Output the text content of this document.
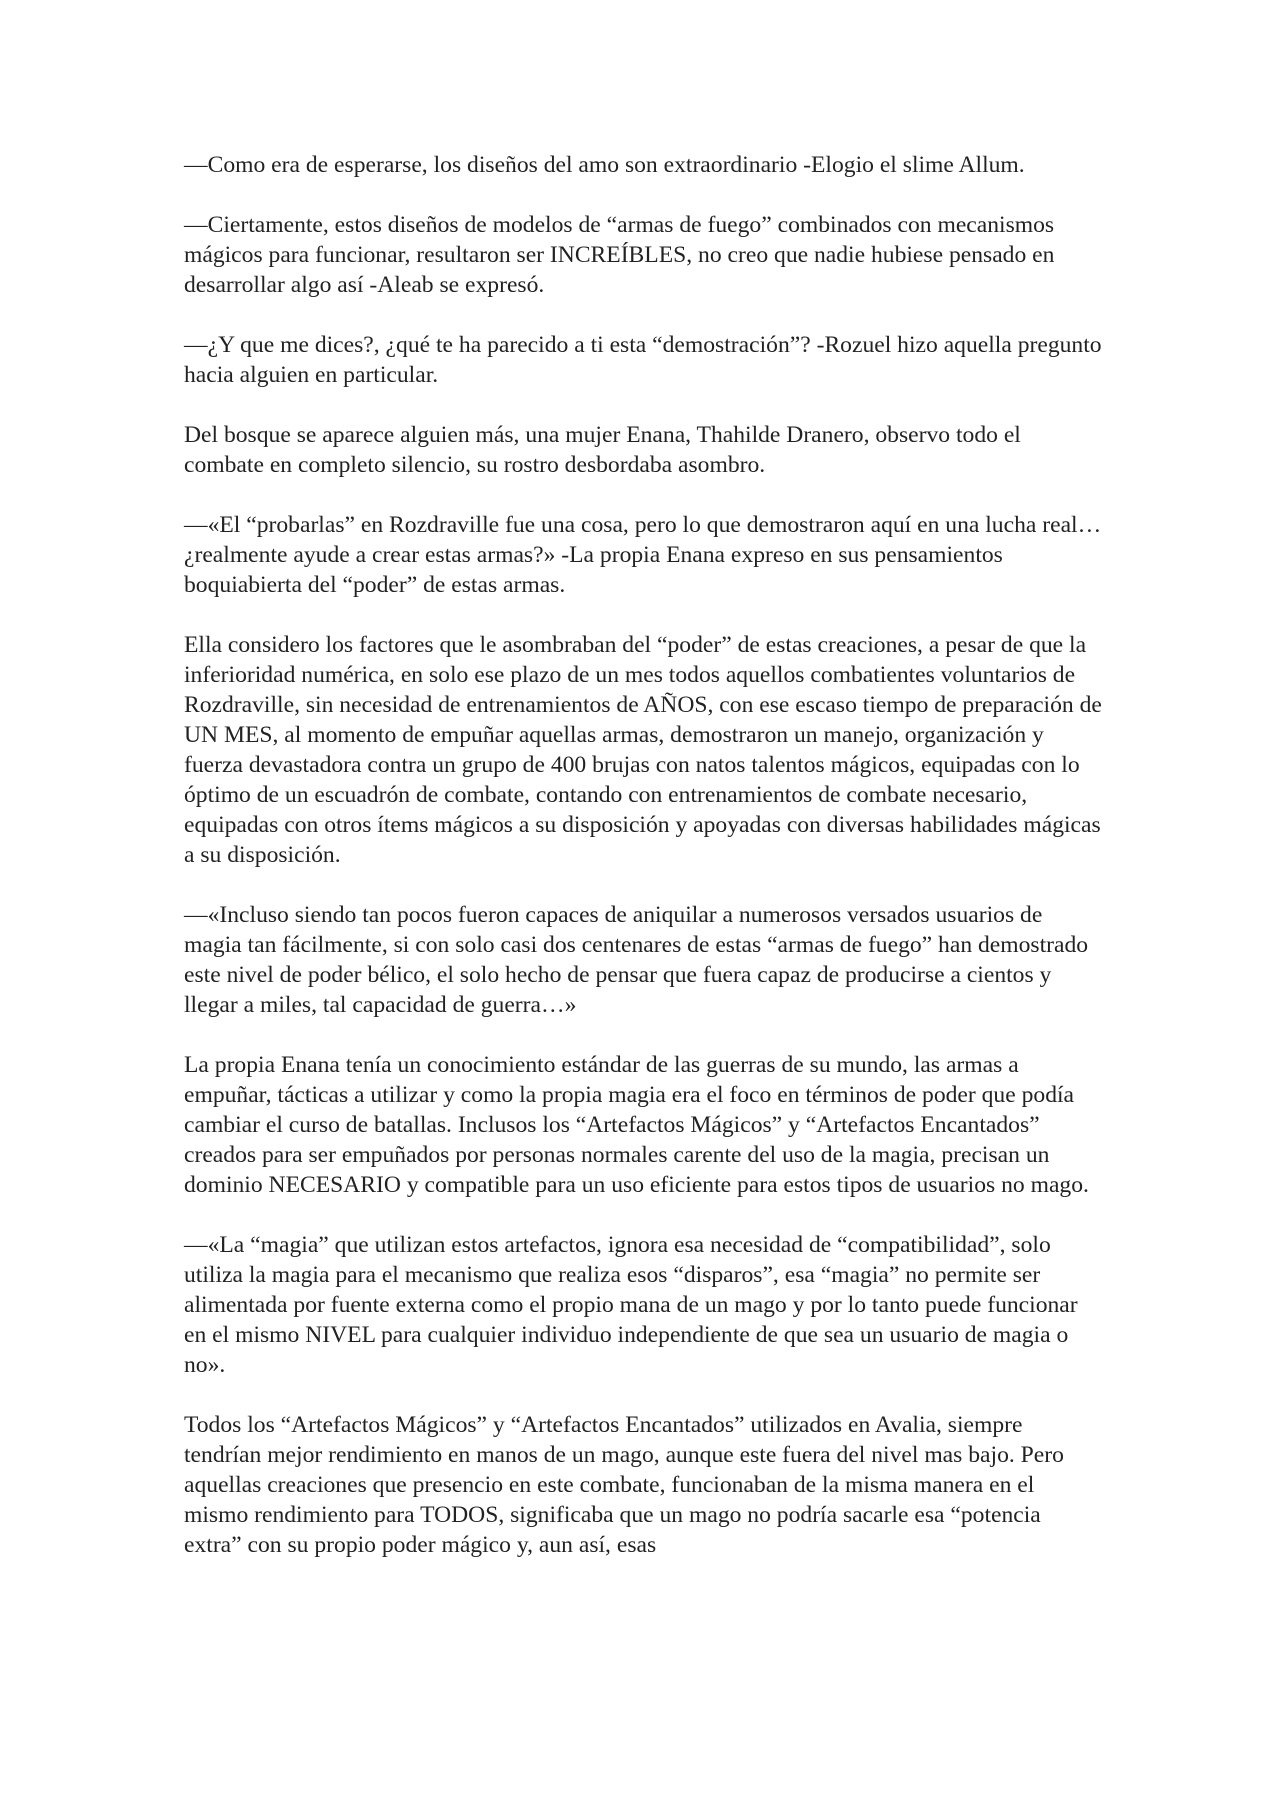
—Como era de esperarse, los diseños del amo son extraordinario -Elogio el slime Allum.

—Ciertamente, estos diseños de modelos de “armas de fuego” combinados con mecanismos mágicos para funcionar, resultaron ser INCREÍBLES, no creo que nadie hubiese pensado en desarrollar algo así -Aleab se expresó.

—¿Y que me dices?, ¿qué te ha parecido a ti esta “demostración”? -Rozuel hizo aquella pregunto hacia alguien en particular.

Del bosque se aparece alguien más, una mujer Enana, Thahilde Dranero, observo todo el combate en completo silencio, su rostro desbordaba asombro.

—«El “probarlas” en Rozdraville fue una cosa, pero lo que demostraron aquí en una lucha real… ¿realmente ayude a crear estas armas?» -La propia Enana expreso en sus pensamientos boquiabierta del “poder” de estas armas.

Ella considero los factores que le asombraban del “poder” de estas creaciones, a pesar de que la inferioridad numérica, en solo ese plazo de un mes todos aquellos combatientes voluntarios de Rozdraville, sin necesidad de entrenamientos de AÑOS, con ese escaso tiempo de preparación de UN MES, al momento de empuñar aquellas armas, demostraron un manejo, organización y fuerza devastadora contra un grupo de 400 brujas con natos talentos mágicos, equipadas con lo óptimo de un escuadrón de combate, contando con entrenamientos de combate necesario, equipadas con otros ítems mágicos a su disposición y apoyadas con diversas habilidades mágicas a su disposición.

—«Incluso siendo tan pocos fueron capaces de aniquilar a numerosos versados usuarios de magia tan fácilmente, si con solo casi dos centenares de estas “armas de fuego” han demostrado este nivel de poder bélico, el solo hecho de pensar que fuera capaz de producirse a cientos y llegar a miles, tal capacidad de guerra…»

La propia Enana tenía un conocimiento estándar de las guerras de su mundo, las armas a empuñar, tácticas a utilizar y como la propia magia era el foco en términos de poder que podía cambiar el curso de batallas. Inclusos los “Artefactos Mágicos” y “Artefactos Encantados” creados para ser empuñados por personas normales carente del uso de la magia, precisan un dominio NECESARIO y compatible para un uso eficiente para estos tipos de usuarios no mago.

—«La “magia” que utilizan estos artefactos, ignora esa necesidad de “compatibilidad”, solo utiliza la magia para el mecanismo que realiza esos “disparos”, esa “magia” no permite ser alimentada por fuente externa como el propio mana de un mago y por lo tanto puede funcionar en el mismo NIVEL para cualquier individuo independiente de que sea un usuario de magia o no».

Todos los “Artefactos Mágicos” y “Artefactos Encantados” utilizados en Avalia, siempre tendrían mejor rendimiento en manos de un mago, aunque este fuera del nivel mas bajo. Pero aquellas creaciones que presencio en este combate, funcionaban de la misma manera en el mismo rendimiento para TODOS, significaba que un mago no podría sacarle esa “potencia extra” con su propio poder mágico y, aun así, esas
